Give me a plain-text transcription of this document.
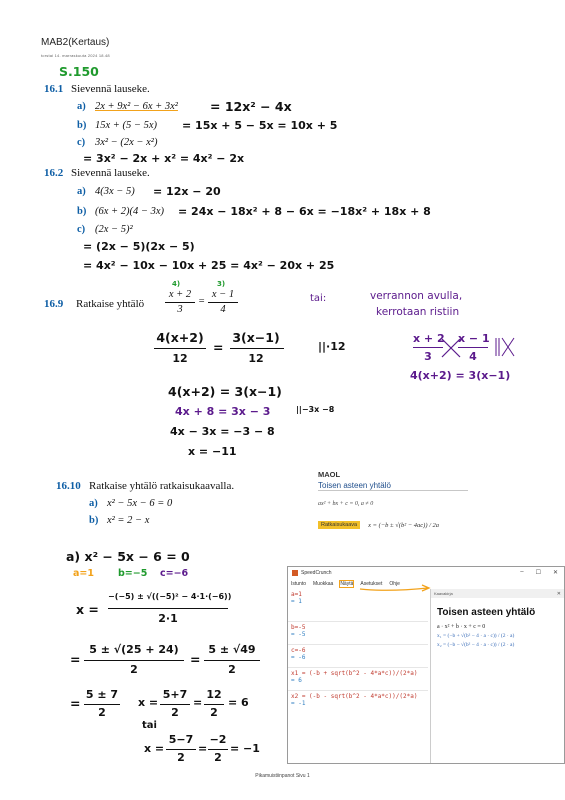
MAB2(Kertaus)
torstai 14. marraskuuta 2024 18.48
S.150
16.1 Sievennä lauseke.
a) 2x + 9x² − 6x + 3x²	= 12x² − 4x
b) 15x + (5 − 5x) = 15x + 5 − 5x = 10x + 5
c) 3x² − (2x − x²)
= 3x² − 2x + x² = 4x² − 2x
16.2 Sievennä lauseke.
a) 4(3x − 5) = 12x − 20
b) (6x + 2)(4 − 3x) = 24x − 18x² + 8 − 6x = −18x² + 18x + 8
c) (2x − 5)²
= (2x − 5)(2x − 5)
= 4x² − 10x − 10x + 25 = 4x² − 20x + 25
16.9 Ratkaise yhtälö
4)	3)
x + 2
3
=
x − 1
4
4(x+2)
12
=
3(x−1)
12
||·12
4(x+2) = 3(x−1)
4x + 8 = 3x − 3	||−3x −8
4x − 3x = −3 − 8
x = −11
tai:	verrannon avulla,
kerrotaan ristiin
x + 2
3
x − 1
4
4(x+2) = 3(x−1)
16.10 Ratkaise yhtälö ratkaisukaavalla.
a) x² − 5x − 6 = 0
b) x² = 2 − x
a) x² − 5x − 6 = 0
a=1	b=−5 c=−6
x =
−(−5) ± √((−5)² − 4·1·(−6))
2·1
=
5 ± √(25 + 24)
2
=
5 ± √49
2
=
5 ± 7
2
x =
5+7
2
=
12
2
= 6
tai
x =
5−7
2
=
−2
2
= −1
MAOL
Toisen asteen yhtälö
ax² + bx + c = 0, a ≠ 0
Ratkaisukaava	x = (−b ± √(b² − 4ac)) / 2a
SpeedCrunch	– ☐ ✕
Istunto Muokkaa Näytä Asetukset Ohje
a=1
= 1
b=-5
= -5
c=-6
= -6
x1 = (-b + sqrt(b^2 - 4*a*c))/(2*a)
= 6
x2 = (-b - sqrt(b^2 - 4*a*c))/(2*a)
= -1
Kaavakirja	✕
Toisen asteen yhtälö
a · x² + b · x + c = 0
x₁ = (−b + √(b² − 4 · a · c)) / (2 · a)
x₂ = (−b − √(b² − 4 · a · c)) / (2 · a)
Pikamuistiinpanot Sivu 1
